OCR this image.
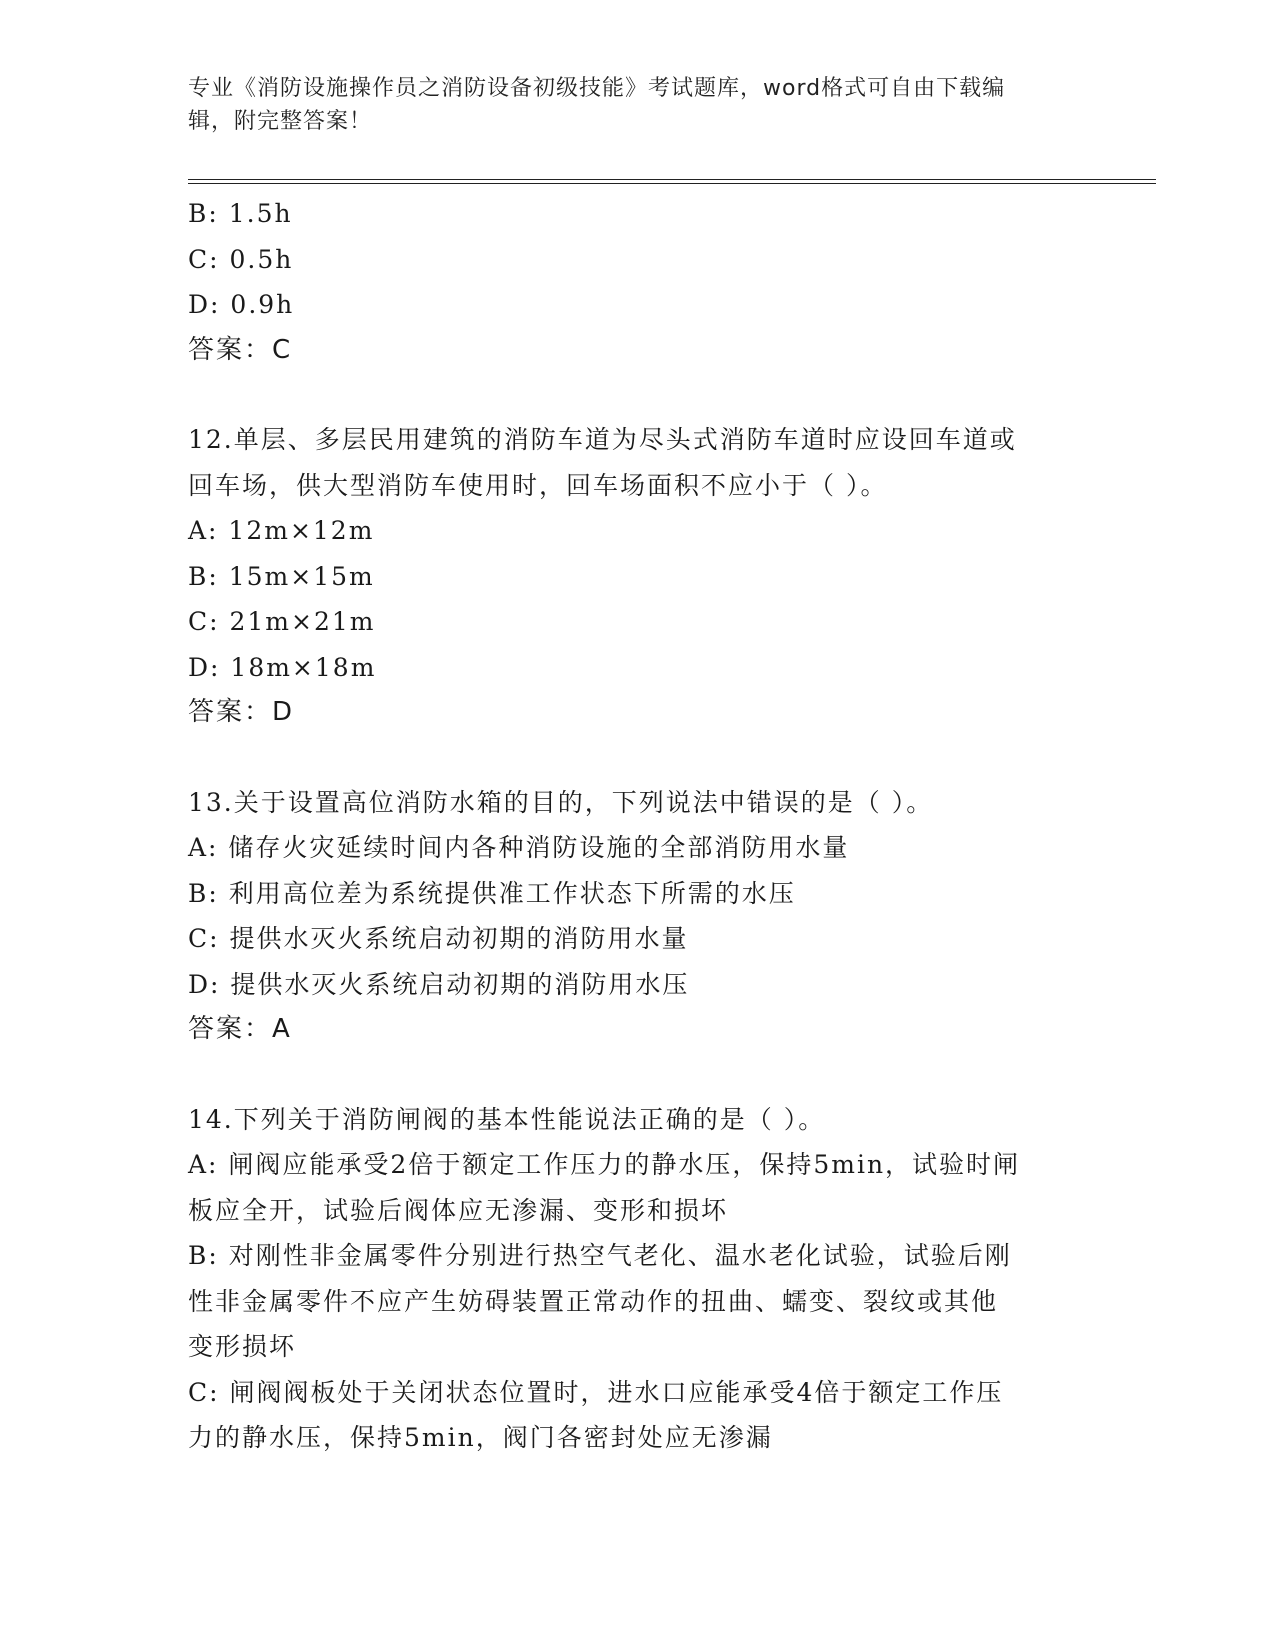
专业《消防设施操作员之消防设备初级技能》考试题库，word格式可自由下载编
辑，附完整答案！
B: 1.5h
C: 0.5h
D: 0.9h
答案：C
12.单层、多层民用建筑的消防车道为尽头式消防车道时应设回车道或
回车场，供大型消防车使用时，回车场面积不应小于（ ）。
A: 12m×12m
B: 15m×15m
C: 21m×21m
D: 18m×18m
答案：D
13.关于设置高位消防水箱的目的，下列说法中错误的是（ ）。
A: 储存火灾延续时间内各种消防设施的全部消防用水量
B: 利用高位差为系统提供准工作状态下所需的水压
C: 提供水灭火系统启动初期的消防用水量
D: 提供水灭火系统启动初期的消防用水压
答案：A
14.下列关于消防闸阀的基本性能说法正确的是（ ）。
A: 闸阀应能承受2倍于额定工作压力的静水压，保持5min，试验时闸
板应全开，试验后阀体应无渗漏、变形和损坏
B: 对刚性非金属零件分别进行热空气老化、温水老化试验，试验后刚
性非金属零件不应产生妨碍装置正常动作的扭曲、蠕变、裂纹或其他
变形损坏
C: 闸阀阀板处于关闭状态位置时，进水口应能承受4倍于额定工作压
力的静水压，保持5min，阀门各密封处应无渗漏
